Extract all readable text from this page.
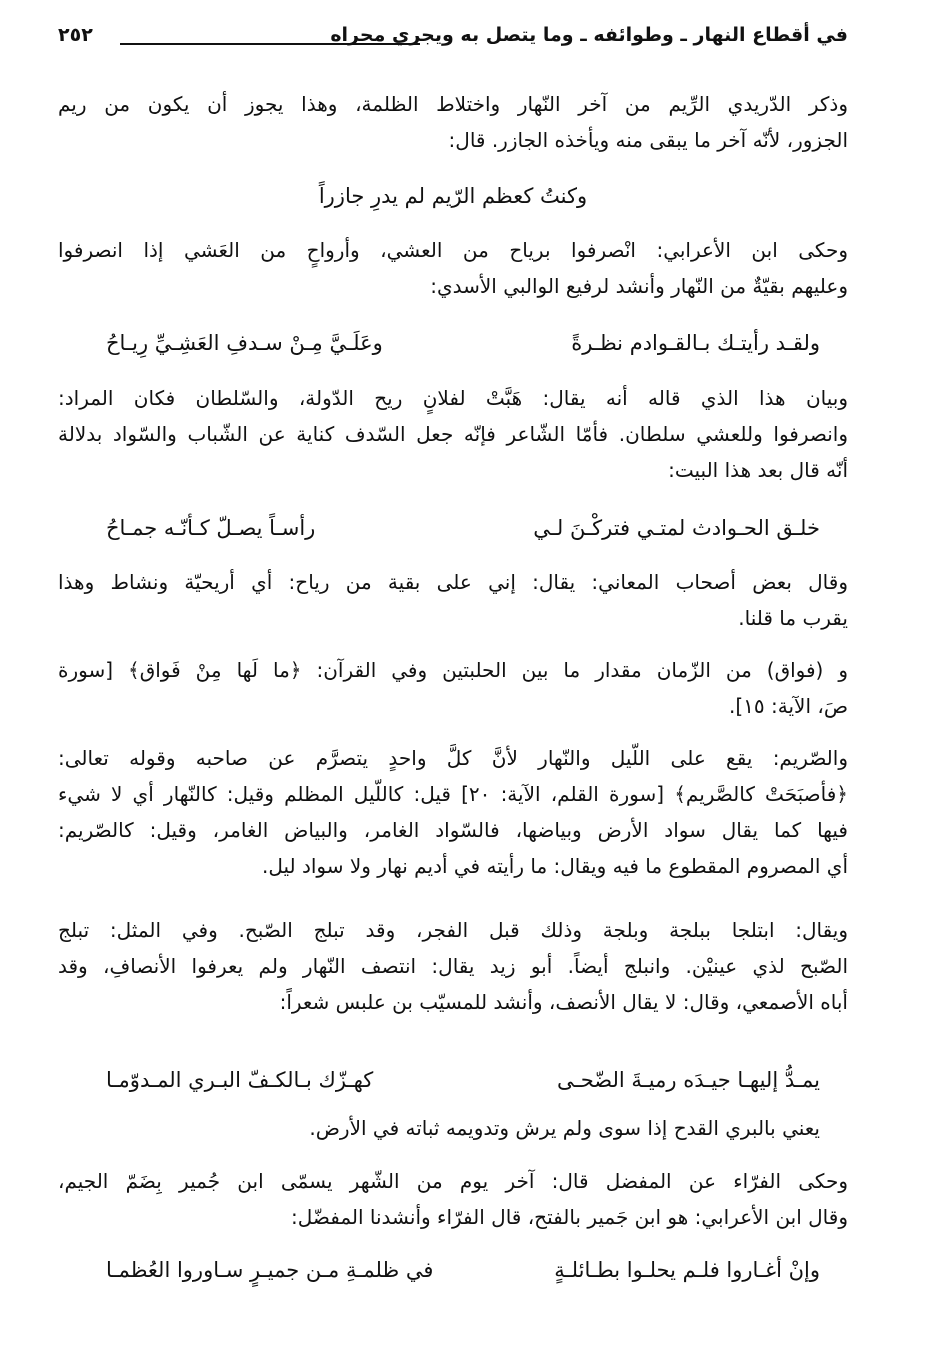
في أقطاع النهار ـ وطوائفه ـ وما يتصل به ويجري مجراه
٢٥٢
وذكر الدّريدي الرِّيم من آخر النّهار واختلاط الظلمة، وهذا يجوز أن يكون من ريم
الجزور، لأنّه آخر ما يبقى منه ويأخذه الجازر. قال:
وكنتُ كعظم الرّيم لم يدرِ جازراً
وحكى ابن الأعرابي: انْصرفوا برياح من العشي، وأرواحٍ من العَشي إذا انصرفوا
وعليهم بقيّةٌ من النّهار وأنشد لرفيع الوالبي الأسدي:
ولقـد رأيتـك بـالقـوادم نظـرةً
وعَلَـيَّ مِـنْ سـدفِ العَشِـيِّ رِيـاحُ
وبيان هذا الذي قاله أنه يقال: هَبَّتْ لفلانٍ ريح الدّولة، والسّلطان فكان المراد:
وانصرفوا وللعشي سلطان. فأمّا الشّاعر فإنّه جعل السّدف كناية عن الشّباب والسّواد بدلالة
أنّه قال بعد هذا البيت:
خلـق الحـوادث لمتـي فتركْـنَ لـي
رأسـاً يصـلّ كـأنّـه جمـاحُ
وقال بعض أصحاب المعاني: يقال: إني على بقية من رياح: أي أريحيّة ونشاط وهذا
يقرب ما قلنا.
و (فواق) من الزّمان مقدار ما بين الحلبتين وفي القرآن: ﴿ما لَها مِنْ فَواق﴾ [سورة
صَ، الآية: ١٥].
والصّريم: يقع على اللّيل والنّهار لأنَّ كلَّ واحدٍ يتصرَّم عن صاحبه وقوله تعالى:
﴿فأصبَحَتْ كالصَّريم﴾ [سورة القلم، الآية: ٢٠] قيل: كاللّيل المظلم وقيل: كالنّهار أي لا شيء
فيها كما يقال سواد الأرض وبياضها، فالسّواد الغامر، والبياض الغامر، وقيل: كالصّريم:
أي المصروم المقطوع ما فيه ويقال: ما رأيته في أديم نهار ولا سواد ليل.
ويقال: ابتلجا ببلجة وبلجة وذلك قبل الفجر، وقد تبلج الصّبح. وفي المثل: تبلج
الصّبح لذي عينيْن. وانبلج أيضاً. أبو زيد يقال: انتصف النّهار ولم يعرفوا الأنصافِ، وقد
أباه الأصمعي، وقال: لا يقال الأنصف، وأنشد للمسيّب بن علبس شعراً:
يمـدُّ إليهـا جيـدَه رميـةَ الضّحـى
كهـزّك بـالكـفّ البـري المـدوّمـا
يعني بالبري القدح إذا سوى ولم يرش وتدويمه ثباته في الأرض.
وحكى الفرّاء عن المفضل قال: آخر يوم من الشّهر يسمّى ابن جُمير بِضَمّ الجيم،
وقال ابن الأعرابي: هو ابن جَمير بالفتح، قال الفرّاء وأنشدنا المفضّل:
وإنْ أغـاروا فلـم يحلـوا بطـائلـةٍ
في ظلمـةِ مـن جميـرٍ سـاوروا العُظمـا
